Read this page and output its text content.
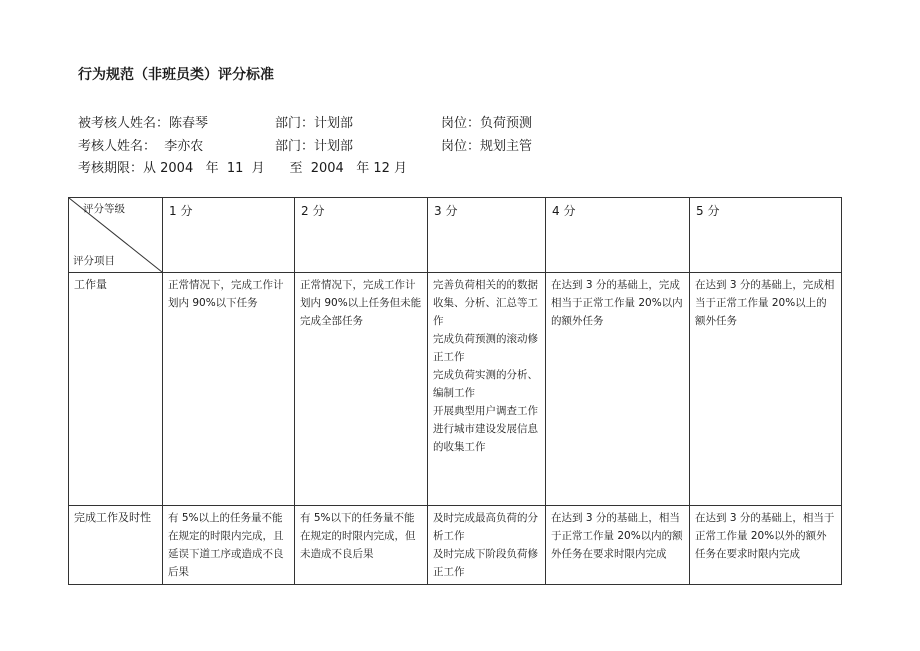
行为规范（非班员类）评分标准
被考核人姓名：陈春琴	部门：计划部	岗位：负荷预测
考核人姓名：  李亦农	部门：计划部	岗位：规划主管
考核期限：从 2004   年  11  月      至  2004   年 12 月
评分等级
评分项目	1 分	2 分	3 分	4 分	5 分
工作量	正常情况下，完成工作计划内 90%以下任务	正常情况下，完成工作计划内 90%以上任务但未能完成全部任务	完善负荷相关的的数据收集、分析、汇总等工作
完成负荷预测的滚动修正工作
完成负荷实测的分析、编制工作
开展典型用户调查工作
进行城市建设发展信息的收集工作	在达到 3 分的基础上，完成相当于正常工作量 20%以内的额外任务	在达到 3 分的基础上，完成相当于正常工作量 20%以上的额外任务
完成工作及时性	有 5%以上的任务量不能在规定的时限内完成，且延误下道工序或造成不良后果	有 5%以下的任务量不能在规定的时限内完成，但未造成不良后果	及时完成最高负荷的分析工作
及时完成下阶段负荷修正工作	在达到 3 分的基础上，相当于正常工作量 20%以内的额外任务在要求时限内完成	在达到 3 分的基础上，相当于正常工作量 20%以外的额外任务在要求时限内完成
